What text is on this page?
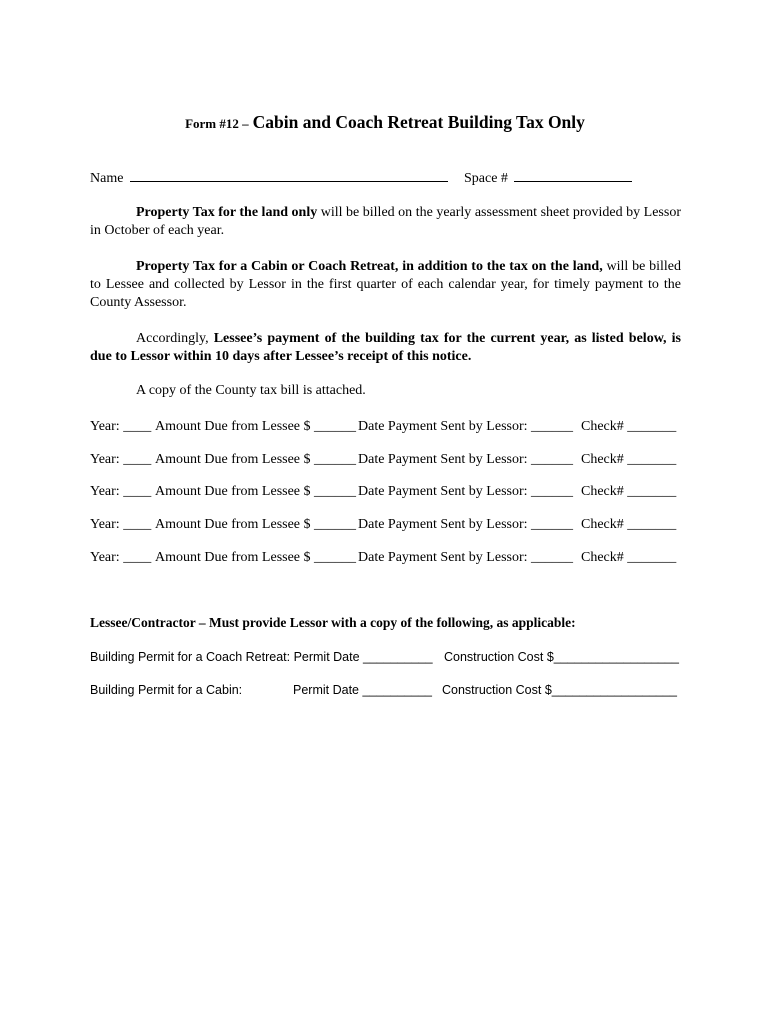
Form #12 – Cabin and Coach Retreat Building Tax Only
Name	Space #
Property Tax for the land only will be billed on the yearly assessment sheet provided by Lessor in October of each year.
Property Tax for a Cabin or Coach Retreat, in addition to the tax on the land, will be billed to Lessee and collected by Lessor in the first quarter of each calendar year, for timely payment to the County Assessor.
Accordingly, Lessee’s payment of the building tax for the current year, as listed below, is due to Lessor within 10 days after Lessee’s receipt of this notice.
A copy of the County tax bill is attached.
Year: ____ Amount Due from Lessee $ ______ Date Payment Sent by Lessor: ______ Check# _______
Year: ____ Amount Due from Lessee $ ______ Date Payment Sent by Lessor: ______ Check# _______
Year: ____ Amount Due from Lessee $ ______ Date Payment Sent by Lessor: ______ Check# _______
Year: ____ Amount Due from Lessee $ ______ Date Payment Sent by Lessor: ______ Check# _______
Year: ____ Amount Due from Lessee $ ______ Date Payment Sent by Lessor: ______ Check# _______
Lessee/Contractor – Must provide Lessor with a copy of the following, as applicable:
Building Permit for a Coach Retreat: Permit Date __________ Construction Cost $__________________
Building Permit for a Cabin:	Permit Date __________ Construction Cost $__________________
